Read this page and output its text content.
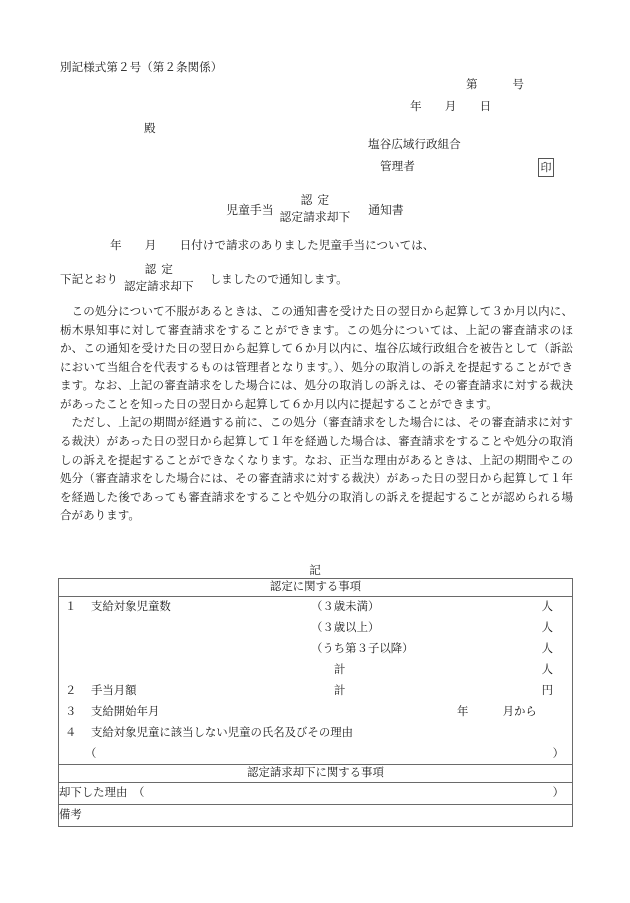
別記様式第２号（第２条関係）
第　　　号
年　　月　　日
殿
塩谷広域行政組合
管理者	印
児童手当
認定
認定請求却下
通知書
年　　月　　日付けで請求のありました児童手当については、
下記とおり
認定
認定請求却下
しましたので通知します。

この処分について不服があるときは、この通知書を受けた日の翌日から起算して３か月以内に、栃木県知事に対して審査請求をすることができます。この処分については、上記の審査請求のほか、この通知を受けた日の翌日から起算して６か月以内に、塩谷広域行政組合を被告として（訴訟において当組合を代表するものは管理者となります。）、処分の取消しの訴えを提起することができます。なお、上記の審査請求をした場合には、処分の取消しの訴えは、その審査請求に対する裁決があったことを知った日の翌日から起算して６か月以内に提起することができます。

ただし、上記の期間が経過する前に、この処分（審査請求をした場合には、その審査請求に対する裁決）があった日の翌日から起算して１年を経過した場合は、審査請求をすることや処分の取消しの訴えを提起することができなくなります。なお、正当な理由があるときは、上記の期間やこの処分（審査請求をした場合には、その審査請求に対する裁決）があった日の翌日から起算して１年を経過した後であっても審査請求をすることや処分の取消しの訴えを提起することが認められる場合があります。

記
認定に関する事項

１ 支給対象児童数	（３歳未満）	人
（３歳以上）	人
（うち第３子以降）	人
計	人
２ 手当月額	計	円
３ 支給開始年月	年　　　月から
４ 支給対象児童に該当しない児童の氏名及びその理由
（	）

認定請求却下に関する事項
却下した理由　（	）

備考
